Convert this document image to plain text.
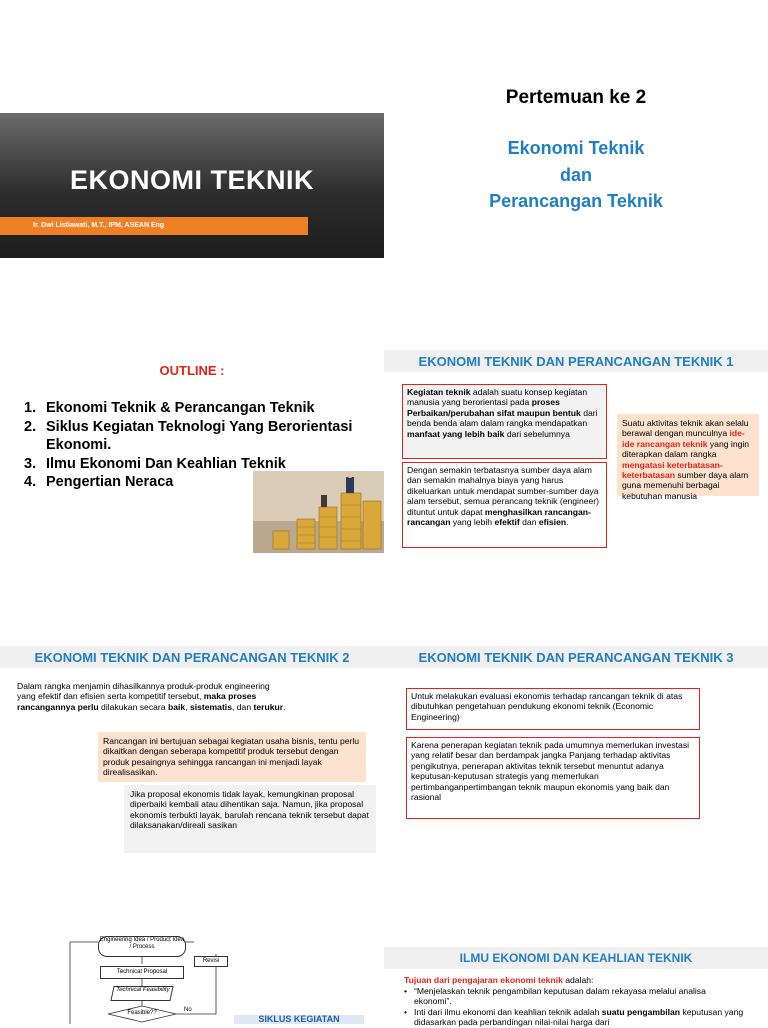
EKONOMI TEKNIK
Ir. Dwi Listiawati, M.T., IPM, ASEAN Eng
Pertemuan ke 2
Ekonomi Teknik
dan
Perancangan Teknik
OUTLINE :
1. Ekonomi Teknik & Perancangan Teknik
2. Siklus Kegiatan Teknologi Yang Berorientasi Ekonomi.
3. Ilmu Ekonomi Dan Keahlian Teknik
4. Pengertian Neraca
EKONOMI TEKNIK DAN PERANCANGAN TEKNIK 1
Kegiatan teknik adalah suatu konsep kegiatan manusia yang berorientasi pada proses Perbaikan/perubahan sifat maupun bentuk dari benda benda alam dalam rangka mendapatkan manfaat yang lebih baik dari sebelumnya
Dengan semakin terbatasnya sumber daya alam dan semakin mahalnya biaya yang harus dikeluarkan untuk mendapat sumber-sumber daya alam tersebut, semua perancang teknik (engineer) dituntut untuk dapat menghasilkan rancangan-rancangan yang lebih efektif dan efisien.
Suatu aktivitas teknik akan selalu berawal dengan munculnya ide-ide rancangan teknik yang ingin diterapkan dalam rangka mengatasi keterbatasan-keterbatasan sumber daya alam guna memenuhi berbagai kebutuhan manusia
EKONOMI TEKNIK DAN PERANCANGAN TEKNIK 2
Dalam rangka menjamin dihasilkannya produk-produk engineering yang efektif dan efisien serta kompetitif tersebut, maka proses rancangannya perlu dilakukan secara baik, sistematis, dan terukur.
Rancangan ini bertujuan sebagai kegiatan usaha bisnis, tentu perlu dikaitkan dengan seberapa kompetitif produk tersebut dengan produk pesaingnya sehingga rancangan ini menjadi layak direalisasikan.
Jika proposal ekonomis tidak layak, kemungkinan proposal diperbaiki kembali atau dihentikan saja. Namun, jika proposal ekonomis terbukti layak, barulah rencana teknik tersebut dapat dilaksanakan/direali sasikan
EKONOMI TEKNIK DAN PERANCANGAN TEKNIK 3
Untuk melakukan evaluasi ekonomis terhadap rancangan teknik di atas dibutuhkan pengetahuan pendukung ekonomi teknik (Economic Engineering)
Karena penerapan kegiatan teknik pada umumnya memerlukan investasi yang relatif besar dan berdampak jangka Panjang terhadap aktivitas pengikutnya, penerapan aktivitas teknik tersebut menuntut adanya keputusan-keputusan strategis yang memerlukan pertimbanganpertimbangan teknik maupun ekonomis yang baik dan rasional
Engineering Idea / Product Idea / Process
Technical Proposal
Technical Feasibility
Feasible??
Revisi
No
SIKLUS KEGIATAN
ILMU EKONOMI DAN KEAHLIAN TEKNIK
Tujuan dari pengajaran ekonomi teknik adalah:
• “Menjelaskan teknik pengambilan keputusan dalam rekayasa melalui analisa ekonomi”.
• Inti dari ilmu ekonomi dan keahlian teknik adalah suatu pengambilan keputusan yang didasarkan pada perbandingan nilai-nilai harga dari
